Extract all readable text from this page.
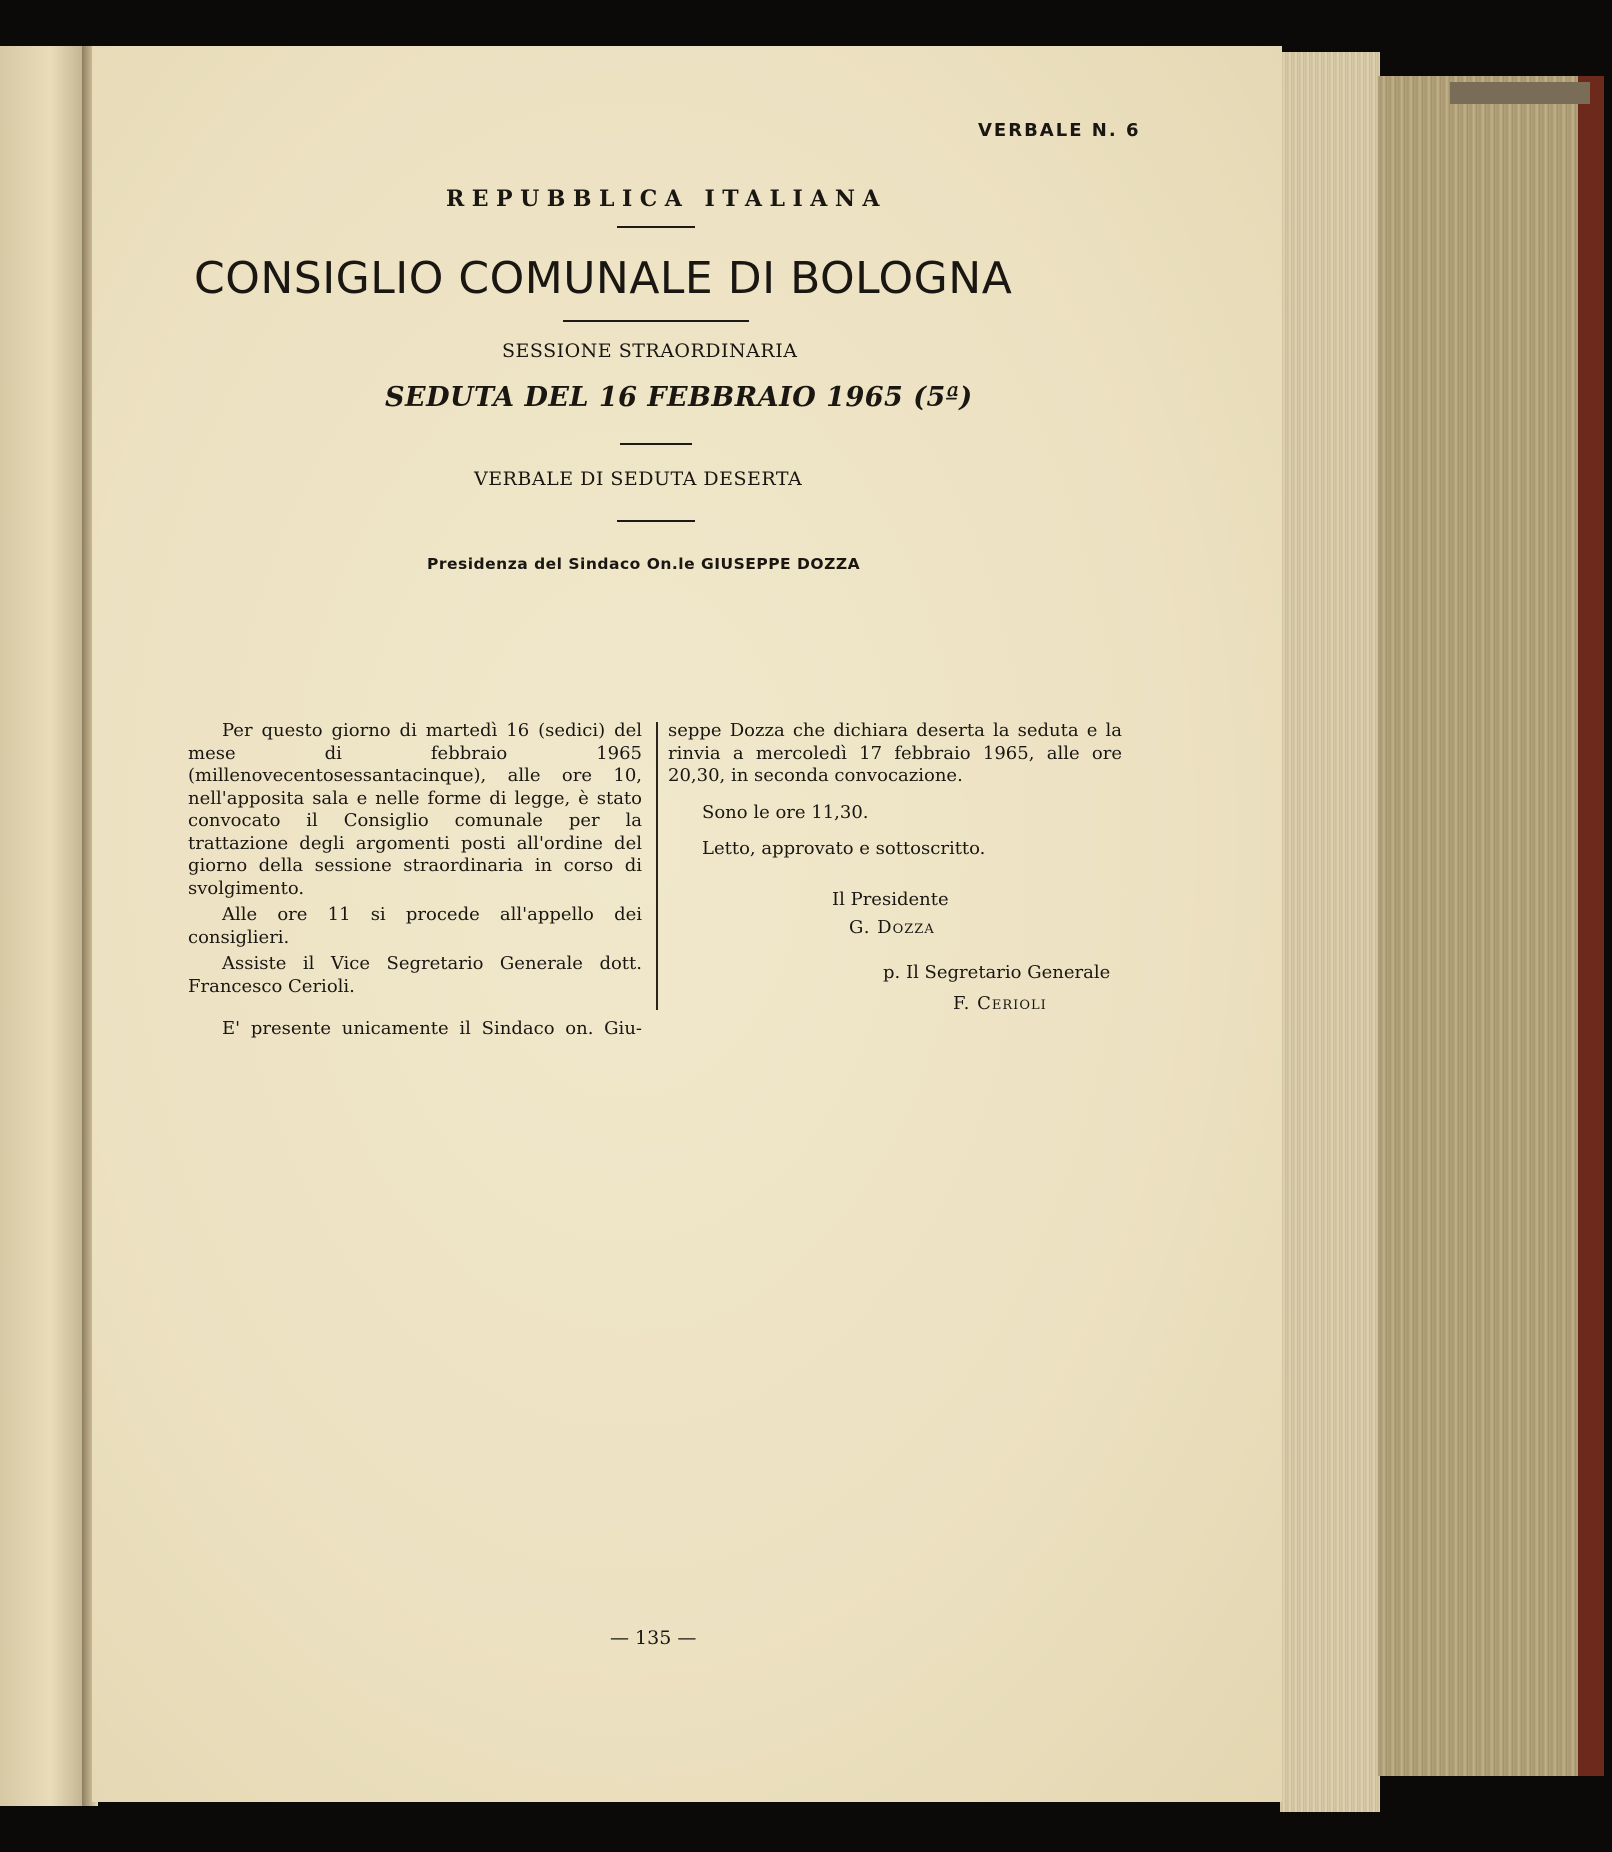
VERBALE N. 6
REPUBBLICA ITALIANA
CONSIGLIO COMUNALE DI BOLOGNA
SESSIONE STRAORDINARIA
SEDUTA DEL 16 FEBBRAIO 1965 (5ª)
VERBALE DI SEDUTA DESERTA
Presidenza del Sindaco On.le GIUSEPPE DOZZA

Per questo giorno di martedì 16 (sedici) del mese di febbraio 1965 (millenovecentosessantacinque), alle ore 10, nell'apposita sala e nelle forme di legge, è stato convocato il Consiglio comunale per la trattazione degli argomenti posti all'ordine del giorno della sessione straordinaria in corso di svolgimento.

Alle ore 11 si procede all'appello dei consiglieri.

Assiste il Vice Segretario Generale dott. Francesco Cerioli.

E' presente unicamente il Sindaco on. Giu-

seppe Dozza che dichiara deserta la seduta e la rinvia a mercoledì 17 febbraio 1965, alle ore 20,30, in seconda convocazione.

Sono le ore 11,30.

Letto, approvato e sottoscritto.

Il Presidente
G. Dozza
p. Il Segretario Generale
F. Cerioli
— 135 —
